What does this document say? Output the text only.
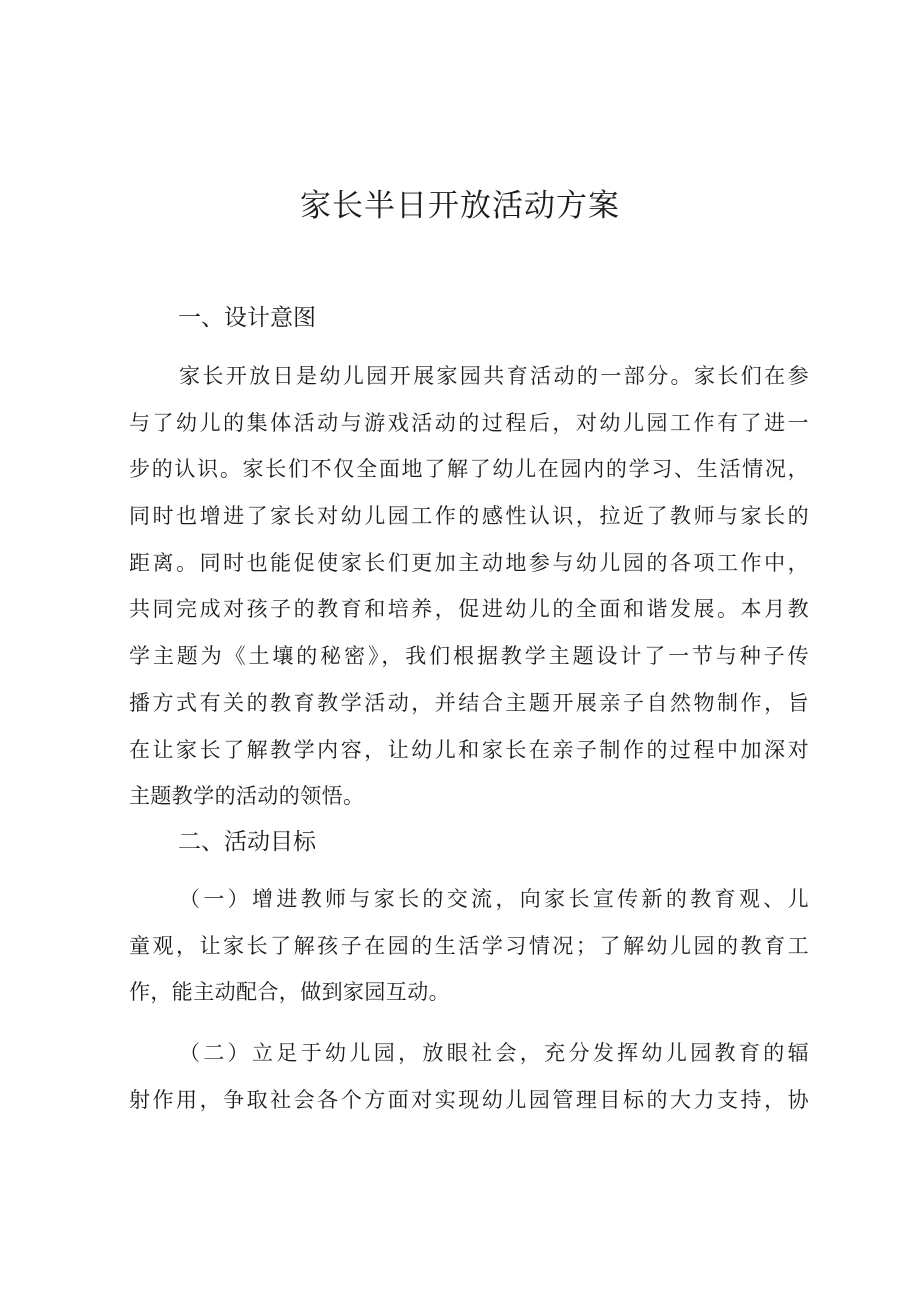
家长半日开放活动方案
一、设计意图
家长开放日是幼儿园开展家园共育活动的一部分。家长们在参
与了幼儿的集体活动与游戏活动的过程后，对幼儿园工作有了进一
步的认识。家长们不仅全面地了解了幼儿在园内的学习、生活情况，
同时也增进了家长对幼儿园工作的感性认识，拉近了教师与家长的
距离。同时也能促使家长们更加主动地参与幼儿园的各项工作中，
共同完成对孩子的教育和培养，促进幼儿的全面和谐发展。本月教
学主题为《土壤的秘密》，我们根据教学主题设计了一节与种子传
播方式有关的教育教学活动，并结合主题开展亲子自然物制作，旨
在让家长了解教学内容，让幼儿和家长在亲子制作的过程中加深对
主题教学的活动的领悟。
二、活动目标
（一）增进教师与家长的交流，向家长宣传新的教育观、儿
童观，让家长了解孩子在园的生活学习情况；了解幼儿园的教育工
作，能主动配合，做到家园互动。
（二）立足于幼儿园，放眼社会，充分发挥幼儿园教育的辐
射作用，争取社会各个方面对实现幼儿园管理目标的大力支持，协
